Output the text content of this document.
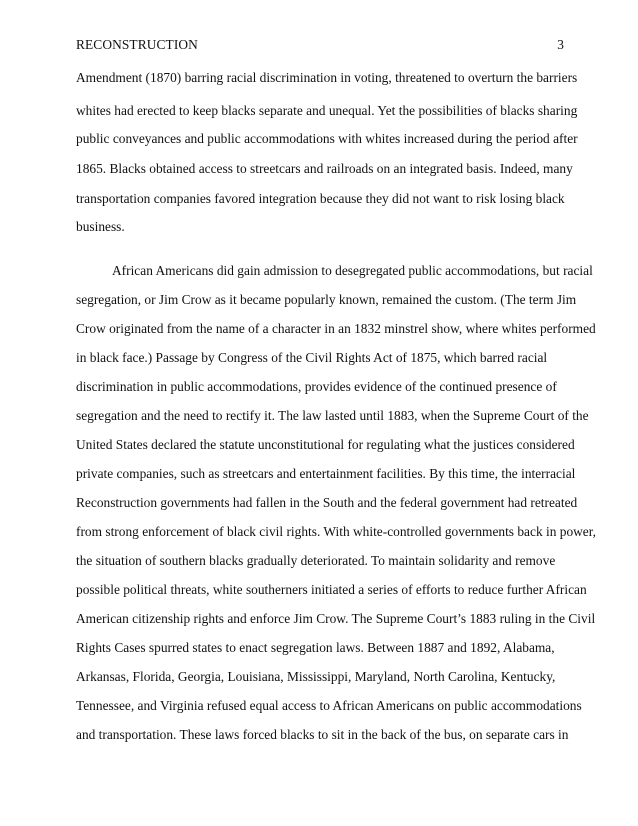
RECONSTRUCTION	3
Amendment (1870) barring racial discrimination in voting, threatened to overturn the barriers
whites had erected to keep blacks separate and unequal. Yet the possibilities of blacks sharing
public conveyances and public accommodations with whites increased during the period after
1865. Blacks obtained access to streetcars and railroads on an integrated basis. Indeed, many
transportation companies favored integration because they did not want to risk losing black
business.
African Americans did gain admission to desegregated public accommodations, but racial
segregation, or Jim Crow as it became popularly known, remained the custom. (The term Jim
Crow originated from the name of a character in an 1832 minstrel show, where whites performed
in black face.) Passage by Congress of the Civil Rights Act of 1875, which barred racial
discrimination in public accommodations, provides evidence of the continued presence of
segregation and the need to rectify it. The law lasted until 1883, when the Supreme Court of the
United States declared the statute unconstitutional for regulating what the justices considered
private companies, such as streetcars and entertainment facilities. By this time, the interracial
Reconstruction governments had fallen in the South and the federal government had retreated
from strong enforcement of black civil rights. With white-controlled governments back in power,
the situation of southern blacks gradually deteriorated. To maintain solidarity and remove
possible political threats, white southerners initiated a series of efforts to reduce further African
American citizenship rights and enforce Jim Crow. The Supreme Court’s 1883 ruling in the Civil
Rights Cases spurred states to enact segregation laws. Between 1887 and 1892, Alabama,
Arkansas, Florida, Georgia, Louisiana, Mississippi, Maryland, North Carolina, Kentucky,
Tennessee, and Virginia refused equal access to African Americans on public accommodations
and transportation. These laws forced blacks to sit in the back of the bus, on separate cars in
